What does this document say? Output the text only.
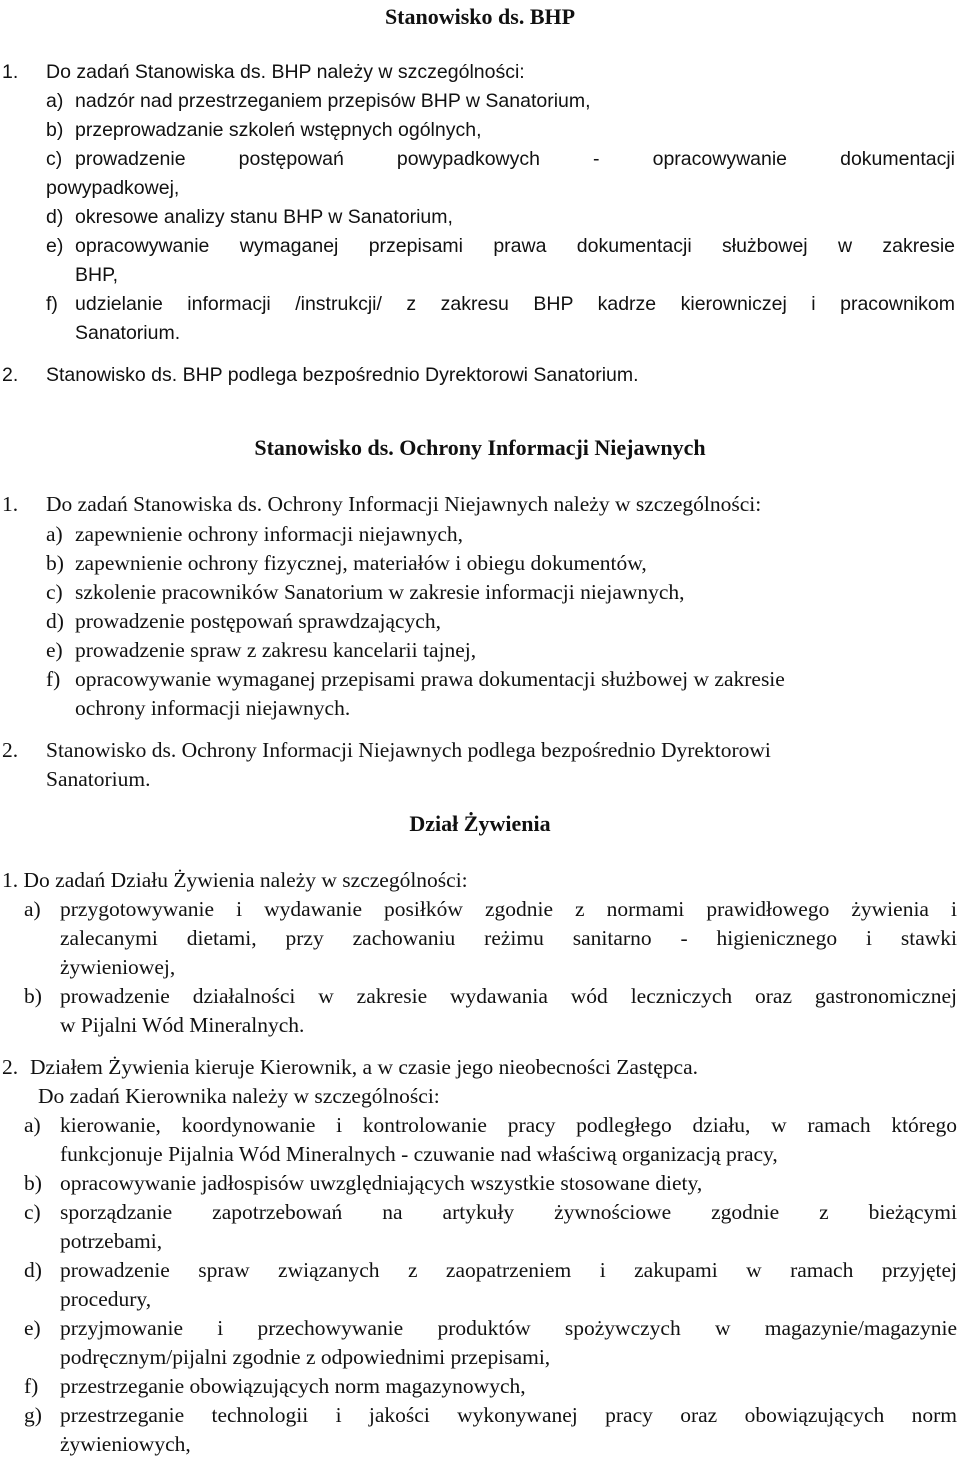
Stanowisko ds. BHP
1. Do zadań Stanowiska ds. BHP należy w szczególności:
a) nadzór nad przestrzeganiem przepisów BHP w Sanatorium,
b) przeprowadzanie szkoleń wstępnych ogólnych,
c) prowadzenie postępowań powypadkowych - opracowywanie dokumentacji
powypadkowej,
d) okresowe analizy stanu BHP w Sanatorium,
e) opracowywanie wymaganej przepisami prawa dokumentacji służbowej w zakresie
BHP,
f) udzielanie informacji /instrukcji/ z zakresu BHP kadrze kierowniczej i pracownikom
Sanatorium.
2. Stanowisko ds. BHP podlega bezpośrednio Dyrektorowi Sanatorium.
Stanowisko ds. Ochrony Informacji Niejawnych
1. Do zadań Stanowiska ds. Ochrony Informacji Niejawnych należy w szczególności:
a) zapewnienie ochrony informacji niejawnych,
b) zapewnienie ochrony fizycznej, materiałów i obiegu dokumentów,
c) szkolenie pracowników Sanatorium w zakresie informacji niejawnych,
d) prowadzenie postępowań sprawdzających,
e) prowadzenie spraw z zakresu kancelarii tajnej,
f) opracowywanie wymaganej przepisami prawa dokumentacji służbowej w zakresie
ochrony informacji niejawnych.
2. Stanowisko ds. Ochrony Informacji Niejawnych podlega bezpośrednio Dyrektorowi
Sanatorium.
Dział Żywienia
1. Do zadań Działu Żywienia należy w szczególności:
a) przygotowywanie i wydawanie posiłków zgodnie z normami prawidłowego żywienia i
zalecanymi dietami, przy zachowaniu reżimu sanitarno - higienicznego i stawki
żywieniowej,
b) prowadzenie działalności w zakresie wydawania wód leczniczych oraz gastronomicznej
w Pijalni Wód Mineralnych.
2. Działem Żywienia kieruje Kierownik, a w czasie jego nieobecności Zastępca.
Do zadań Kierownika należy w szczególności:
a) kierowanie, koordynowanie i kontrolowanie pracy podległego działu, w ramach którego
funkcjonuje Pijalnia Wód Mineralnych - czuwanie nad właściwą organizacją pracy,
b) opracowywanie jadłospisów uwzględniających wszystkie stosowane diety,
c) sporządzanie zapotrzebowań na artykuły żywnościowe zgodnie z bieżącymi
potrzebami,
d) prowadzenie spraw związanych z zaopatrzeniem i zakupami w ramach przyjętej
procedury,
e) przyjmowanie i przechowywanie produktów spożywczych w magazynie/magazynie
podręcznym/pijalni zgodnie z odpowiednimi przepisami,
f) przestrzeganie obowiązujących norm magazynowych,
g) przestrzeganie technologii i jakości wykonywanej pracy oraz obowiązujących norm
żywieniowych,
